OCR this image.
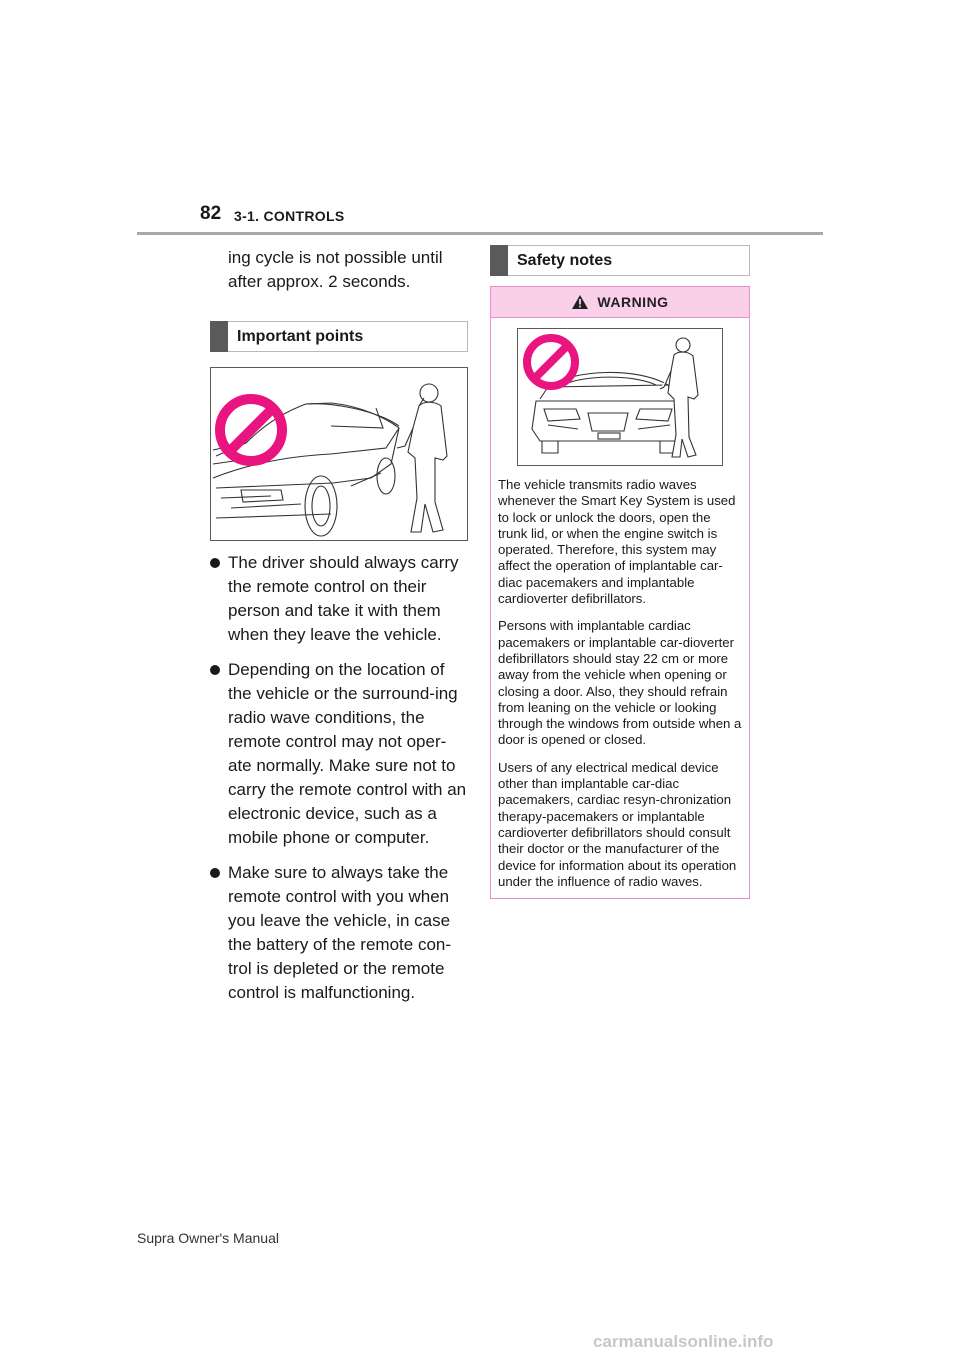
82 3-1. CONTROLS

ing cycle is not possible until after approx. 2 seconds.

Important points
The driver should always carry the remote control on their person and take it with them when they leave the vehicle.
Depending on the location of the vehicle or the surround-ing radio wave conditions, the remote control may not oper-ate normally. Make sure not to carry the remote control with an electronic device, such as a mobile phone or computer.
Make sure to always take the remote control with you when you leave the vehicle, in case the battery of the remote con-trol is depleted or the remote control is malfunctioning.
Safety notes
WARNING

The vehicle transmits radio waves whenever the Smart Key System is used to lock or unlock the doors, open the trunk lid, or when the engine switch is operated. Therefore, this system may affect the operation of implantable car-diac pacemakers and implantable cardioverter defibrillators.

Persons with implantable cardiac pacemakers or implantable car-dioverter defibrillators should stay 22 cm or more away from the vehicle when opening or closing a door. Also, they should refrain from leaning on the vehicle or looking through the windows from outside when a door is opened or closed.

Users of any electrical medical device other than implantable car-diac pacemakers, cardiac resyn-chronization therapy-pacemakers or implantable cardioverter defibrillators should consult their doctor or the manufacturer of the device for information about its operation under the influence of radio waves.

Supra Owner's Manual
carmanualsonline.info
